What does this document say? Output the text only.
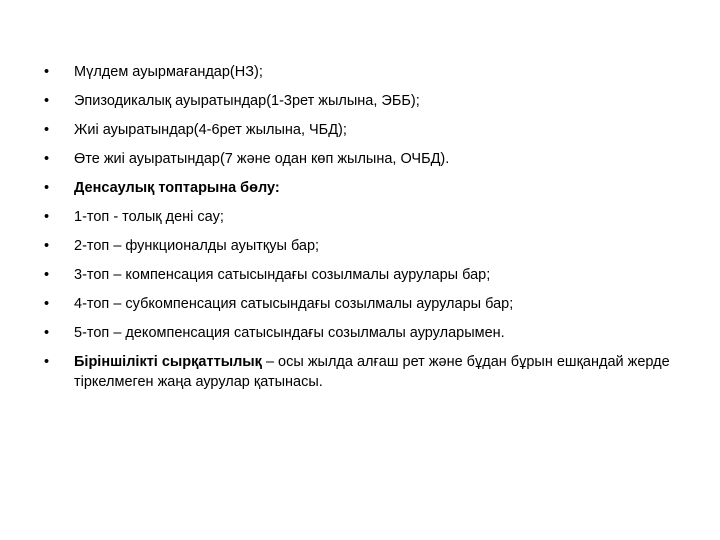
•	Мүлдем ауырмағандар(НЗ);
•	Эпизодикалық ауыратындар(1-3рет жылына, ЭББ);
•	Жиі ауыратындар(4-6рет жылына, ЧБД);
•	Өте жиі ауыратындар(7 және одан көп жылына, ОЧБД).
•	Денсаулық топтарына бөлу:
•	1-топ - толық дені сау;
•	2-топ – функционалды ауытқуы бар;
•	3-топ – компенсация сатысындағы созылмалы аурулары бар;
•	4-топ – субкомпенсация сатысындағы созылмалы аурулары бар;
•	5-топ – декомпенсация сатысындағы созылмалы ауруларымен.
•	Біріншілікті сырқаттылық – осы жылда алғаш рет және бұдан бұрын ешқандай жерде тіркелмеген жаңа аурулар қатынасы.
